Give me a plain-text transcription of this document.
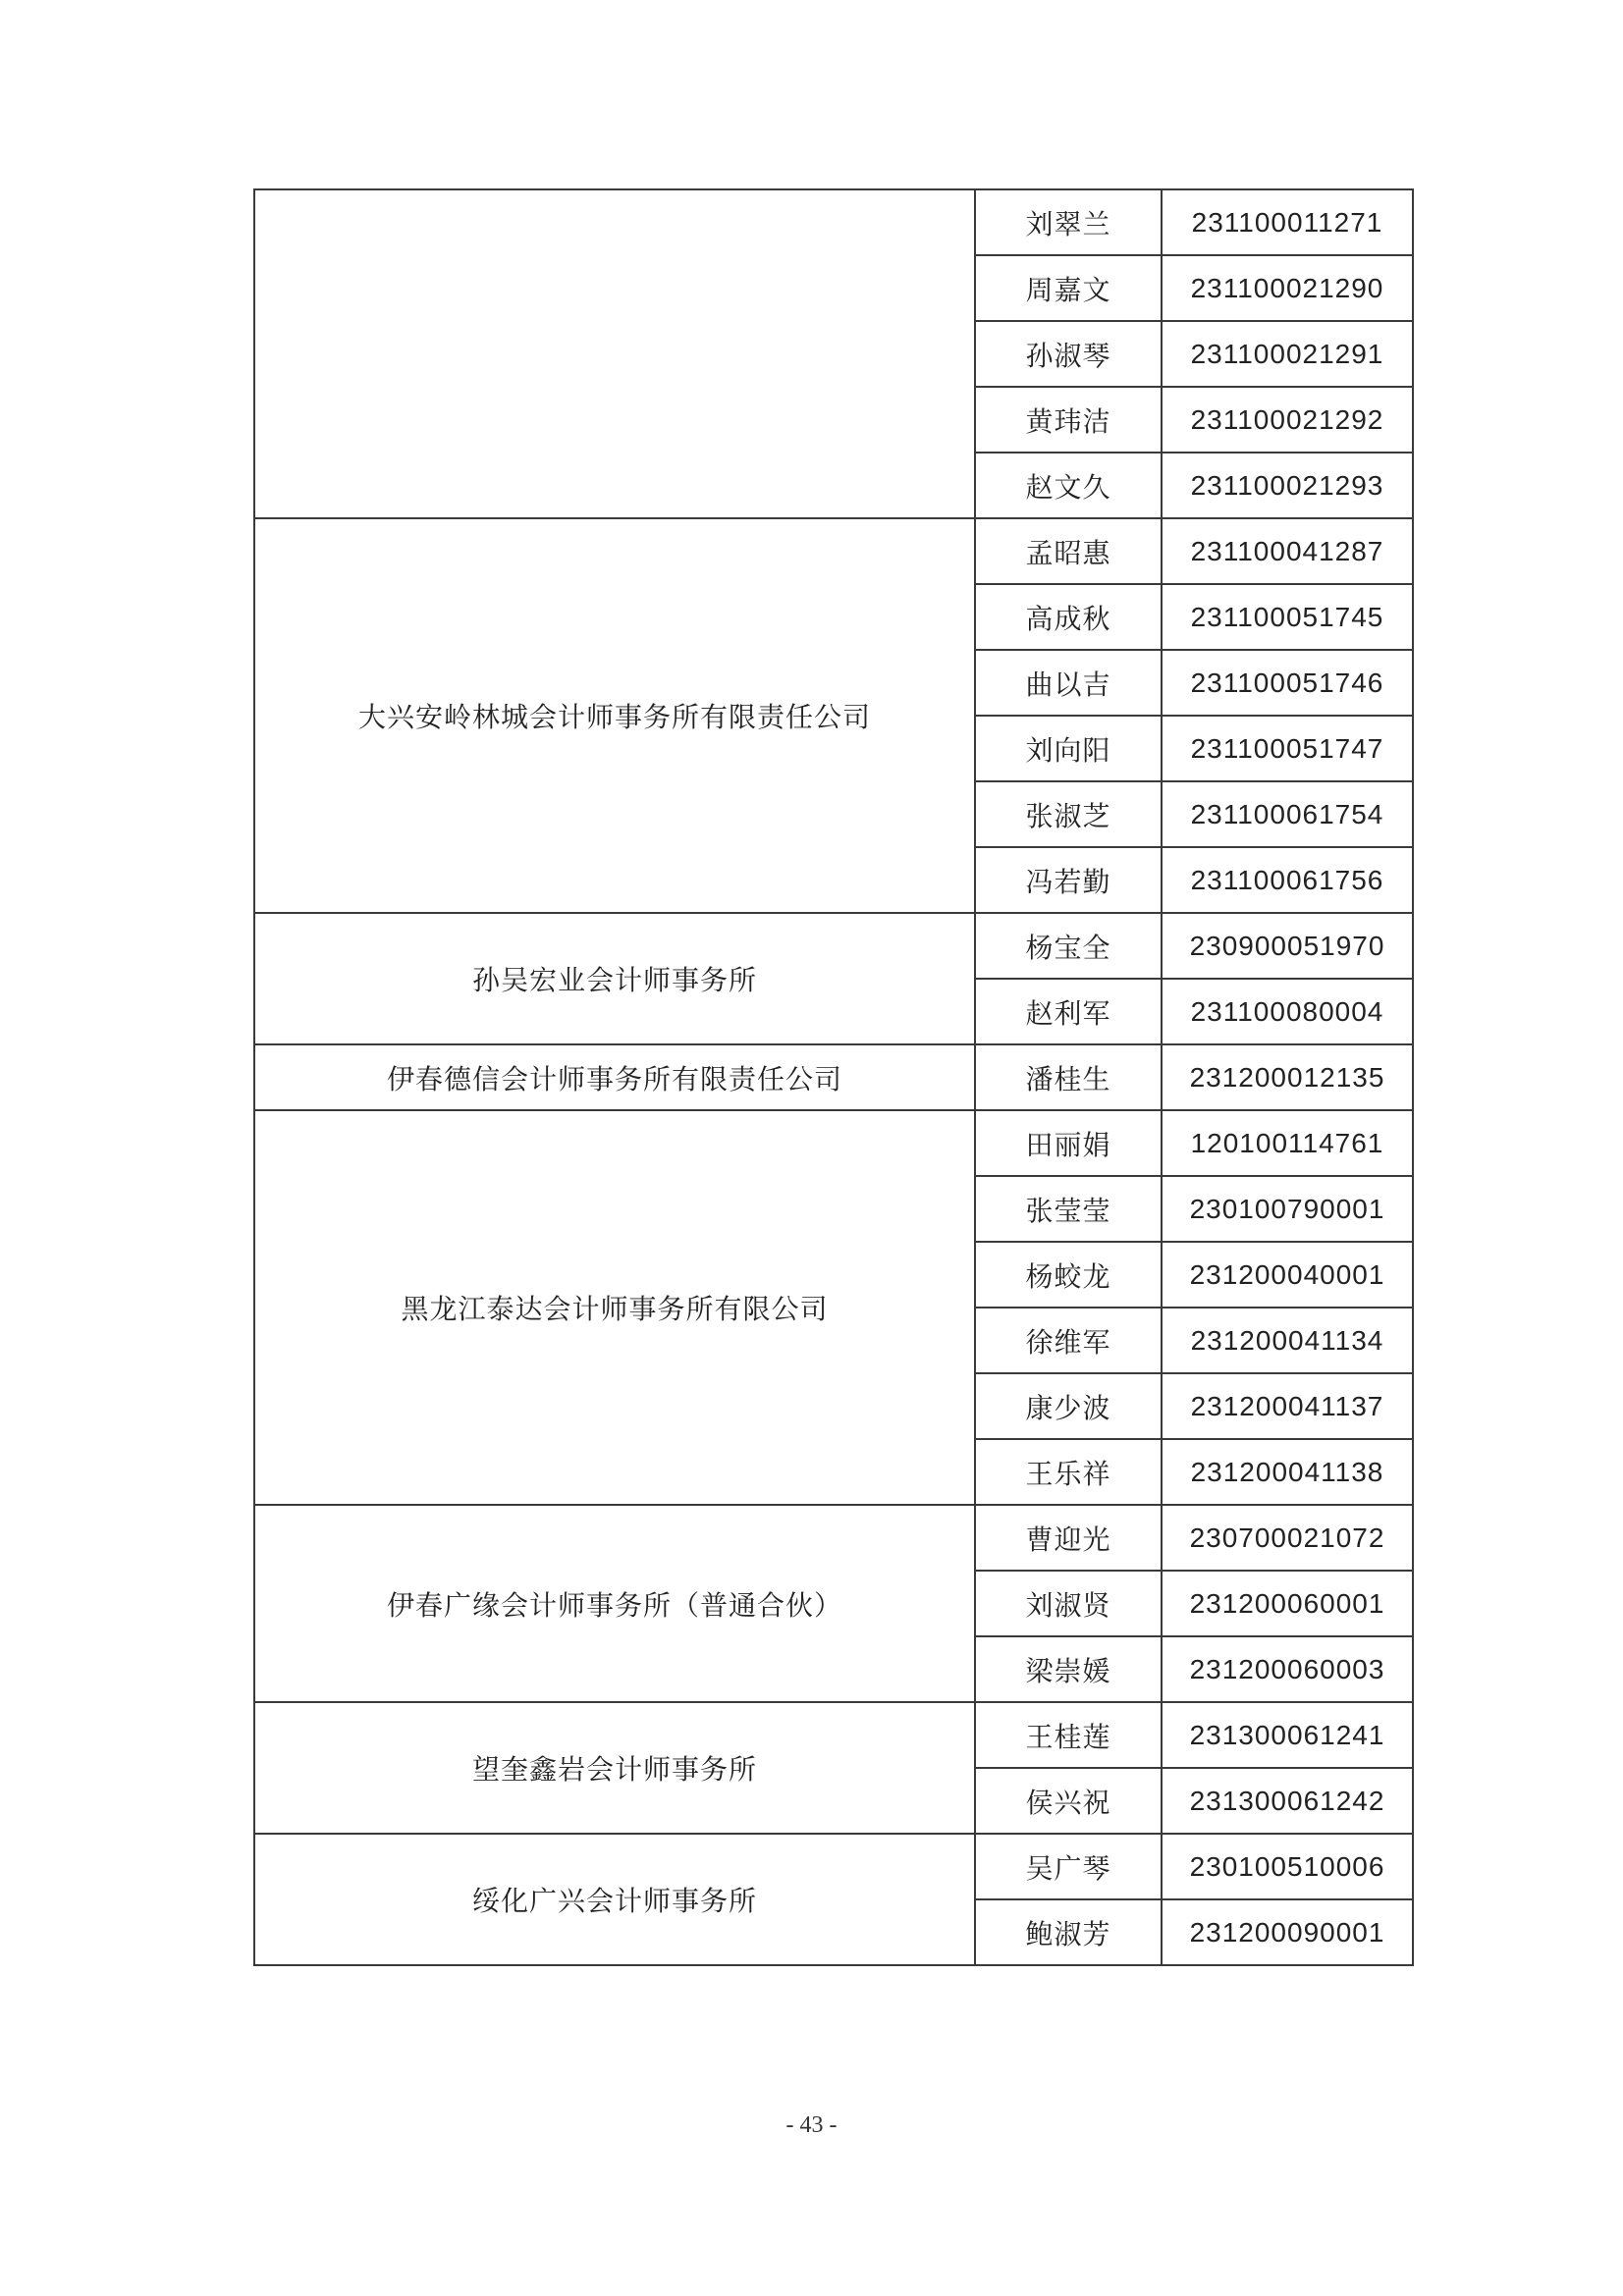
	刘翠兰	231100011271
	周嘉文	231100021290
	孙淑琴	231100021291
	黄玮洁	231100021292
	赵文久	231100021293
大兴安岭林城会计师事务所有限责任公司	孟昭惠	231100041287
	高成秋	231100051745
	曲以吉	231100051746
	刘向阳	231100051747
	张淑芝	231100061754
	冯若勤	231100061756
孙吴宏业会计师事务所	杨宝全	230900051970
	赵利军	231100080004
伊春德信会计师事务所有限责任公司	潘桂生	231200012135
黑龙江泰达会计师事务所有限公司	田丽娟	120100114761
	张莹莹	230100790001
	杨蛟龙	231200040001
	徐维军	231200041134
	康少波	231200041137
	王乐祥	231200041138
伊春广缘会计师事务所（普通合伙）	曹迎光	230700021072
	刘淑贤	231200060001
	梁崇媛	231200060003
望奎鑫岩会计师事务所	王桂莲	231300061241
	侯兴祝	231300061242
绥化广兴会计师事务所	吴广琴	230100510006
	鲍淑芳	231200090001
- 43 -
